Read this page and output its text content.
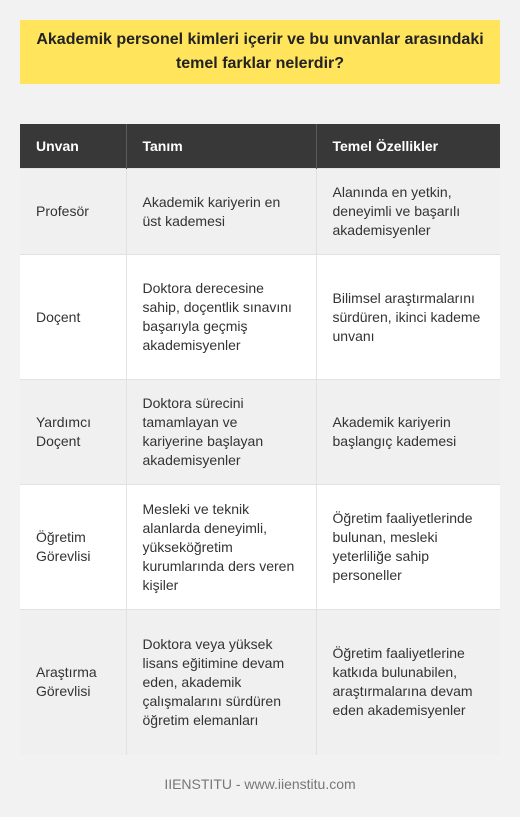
Akademik personel kimleri içerir ve bu unvanlar arasındaki temel farklar nelerdir?
Unvan	Tanım	Temel Özellikler
Profesör	Akademik kariyerin en üst kademesi	Alanında en yetkin, deneyimli ve başarılı akademisyenler
Doçent	Doktora derecesine sahip, doçentlik sınavını başarıyla geçmiş akademisyenler	Bilimsel araştırmalarını sürdüren, ikinci kademe unvanı
Yardımcı Doçent	Doktora sürecini tamamlayan ve kariyerine başlayan akademisyenler	Akademik kariyerin başlangıç kademesi
Öğretim Görevlisi	Mesleki ve teknik alanlarda deneyimli, yükseköğretim kurumlarında ders veren kişiler	Öğretim faaliyetlerinde bulunan, mesleki yeterliliğe sahip personeller
Araştırma Görevlisi	Doktora veya yüksek lisans eğitimine devam eden, akademik çalışmalarını sürdüren öğretim elemanları	Öğretim faaliyetlerine katkıda bulunabilen, araştırmalarına devam eden akademisyenler
IIENSTITU - www.iienstitu.com
